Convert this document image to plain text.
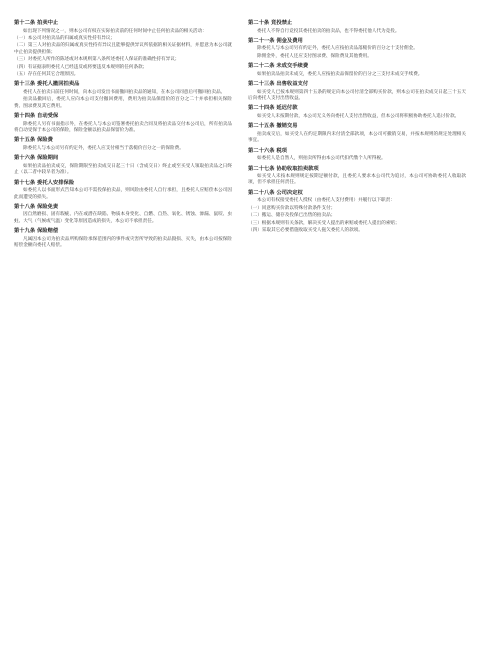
第十二条 拍卖中止
如出现下列情况之一，则本公司有权在实际拍卖前的任何时间中止任何拍卖品的相关活动：
（一）本公司对拍卖品的归属或真实性持有异议；
（二）第三人对拍卖品的归属或真实性持有异议且能够提供异议所依据的相关证据材料，并愿意为本公司就中止拍卖提供担保；
（三）对委托人所作的陈述或对本规则第八条所述委托人保证的准确性持有异议；
（四）有证据表明委托人已经违反或将要违反本规则的任何条款；
（五）存在任何其它合理原因。
第十三条 委托人撤回拍卖品
委托人在拍卖日前任何时间，向本公司发出书面撤回拍卖品的通知，在本公司同意后可撤回拍卖品。
拍卖品撤回后，委托人应向本公司支付撤回费用，费用为拍卖品保留价的百分之二十并承担相关保险费、图录费及其它费用。
第十四条 自动受保
除委托人另有书面指示外，在委托人与本公司签署委托拍卖合同及将拍卖品交付本公司后，所有拍卖品将自动受保于本公司的保险，保险金额以拍卖品保留价为准。
第十五条 保险费
除委托人与本公司另有约定外，委托人应支付相当于落槌价百分之一的保险费。
第十六条 保险期间
如果拍卖品拍卖成交，保险期限至拍卖成交日起三十日（含成交日）终止或至买受人领取拍卖品之日终止（以二者中较早者为准）。
第十七条 委托人安排保险
如委托人以书面形式告知本公司不需投保拍卖品，则风险由委托人自行承担，且委托人应赔偿本公司因此而遭受的损失。
第十八条 保险免责
因自然磨损、固有瑕疵、内在或潜在缺陷、物质本身变化、自燃、自热、氧化、锈蚀、渗漏、鼠咬、虫蛀、大气（气候或气温）变化等原因造成的损失，本公司不承担责任。
第十九条 保险赔偿
凡属因本公司为拍卖品所购保险承保范围内的事件或灾害所导致的拍卖品毁损、灭失，由本公司按保险赔偿金额向委托人赔偿。
第二十条 竞投禁止
委托人不得自行竞投其委托拍卖的拍卖品，也不得委托他人代为竞投。
第二十一条 佣金及费用
除委托人与本公司另有约定外，委托人应按拍卖品落槌价的百分之十支付佣金。
除佣金外，委托人还应支付图录费、保险费及其他费用。
第二十二条 未成交手续费
如果拍卖品拍卖未成交，委托人应按拍卖品保留价的百分之三支付未成交手续费。
第二十三条 出售收益支付
如买受人已按本规则第四十五条的规定向本公司付清全部购买价款，则本公司在拍卖成交日起三十五天后向委托人支付出售收益。
第二十四条 延迟付款
如买受人未按期付款，本公司无义务向委托人支付出售收益，但本公司将积极协助委托人追讨价款。
第二十五条 撤销交易
拍卖成交后，如买受人在约定期限内未付清全部款项，本公司可撤销交易，并按本规则的规定处理相关事宜。
第二十六条 税项
如委托人是自然人，则拍卖所得由本公司代扣代缴个人所得税。
第二十七条 协助收取拍卖款项
如买受人未按本规则规定按期足额付款，且委托人要求本公司代为追讨，本公司可协助委托人收取款项，但不承担任何责任。
第二十八条 公司决定权
本公司有权接受委托人授权（由委托人支付费用）并履行以下职责：
（一）同意购买价款以特殊付款条件支付；
（二）搬运、储存及投保已出售的拍卖品；
（三）根据本规则有关条款，解决买受人提出的索赔或委托人提出的索赔；
（四）采取其它必要措施收取买受人拖欠委托人的款项。
